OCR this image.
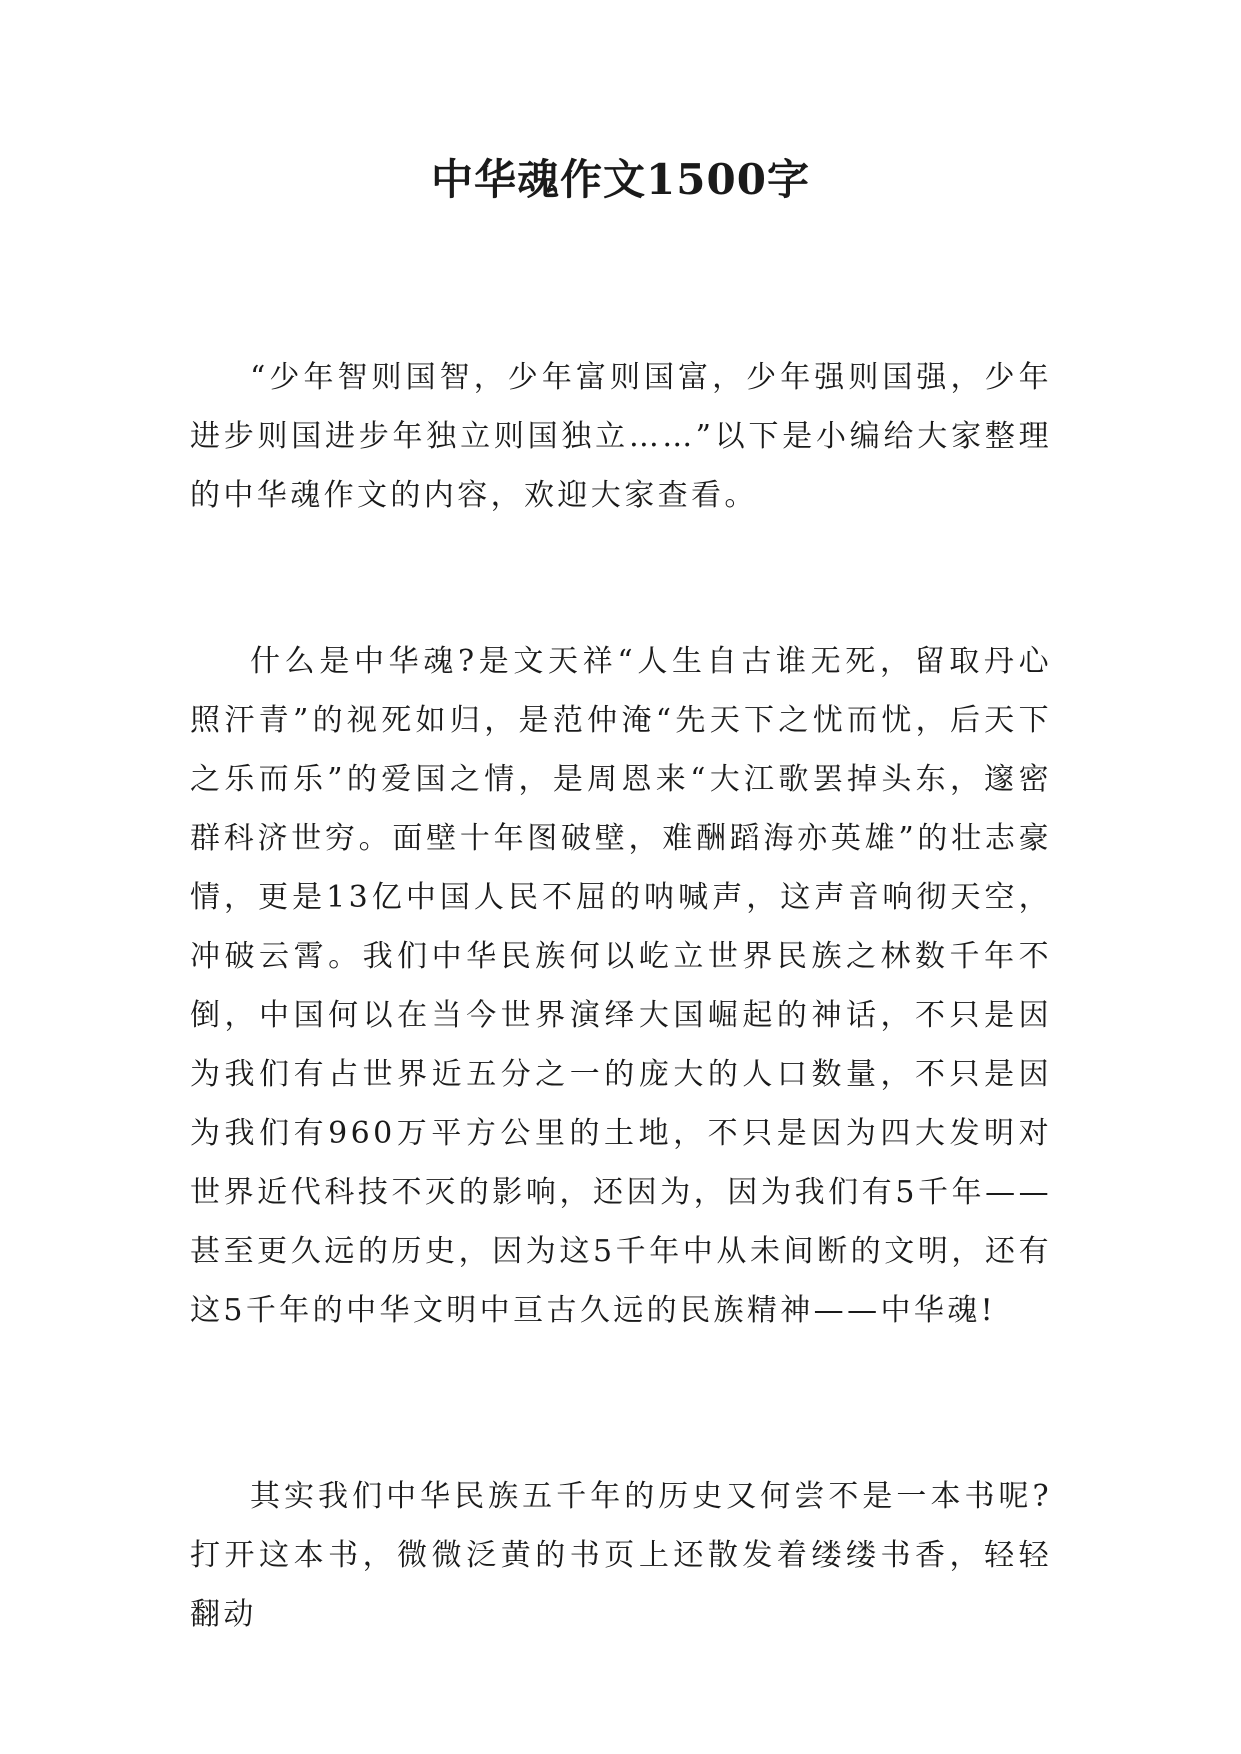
中华魂作文1500字

“少年智则国智，少年富则国富，少年强则国强，少年进步则国进步年独立则国独立……”以下是小编给大家整理的中华魂作文的内容，欢迎大家查看。

什么是中华魂?是文天祥“人生自古谁无死，留取丹心照汗青”的视死如归，是范仲淹“先天下之忧而忧，后天下之乐而乐”的爱国之情，是周恩来“大江歌罢掉头东，邃密群科济世穷。面壁十年图破壁，难酬蹈海亦英雄”的壮志豪情，更是13亿中国人民不屈的呐喊声，这声音响彻天空，冲破云霄。我们中华民族何以屹立世界民族之林数千年不倒，中国何以在当今世界演绎大国崛起的神话，不只是因为我们有占世界近五分之一的庞大的人口数量，不只是因为我们有960万平方公里的土地，不只是因为四大发明对世界近代科技不灭的影响，还因为，因为我们有5千年——甚至更久远的历史，因为这5千年中从未间断的文明，还有这5千年的中华文明中亘古久远的民族精神——中华魂!

其实我们中华民族五千年的历史又何尝不是一本书呢?打开这本书，微微泛黄的书页上还散发着缕缕书香，轻轻翻动
